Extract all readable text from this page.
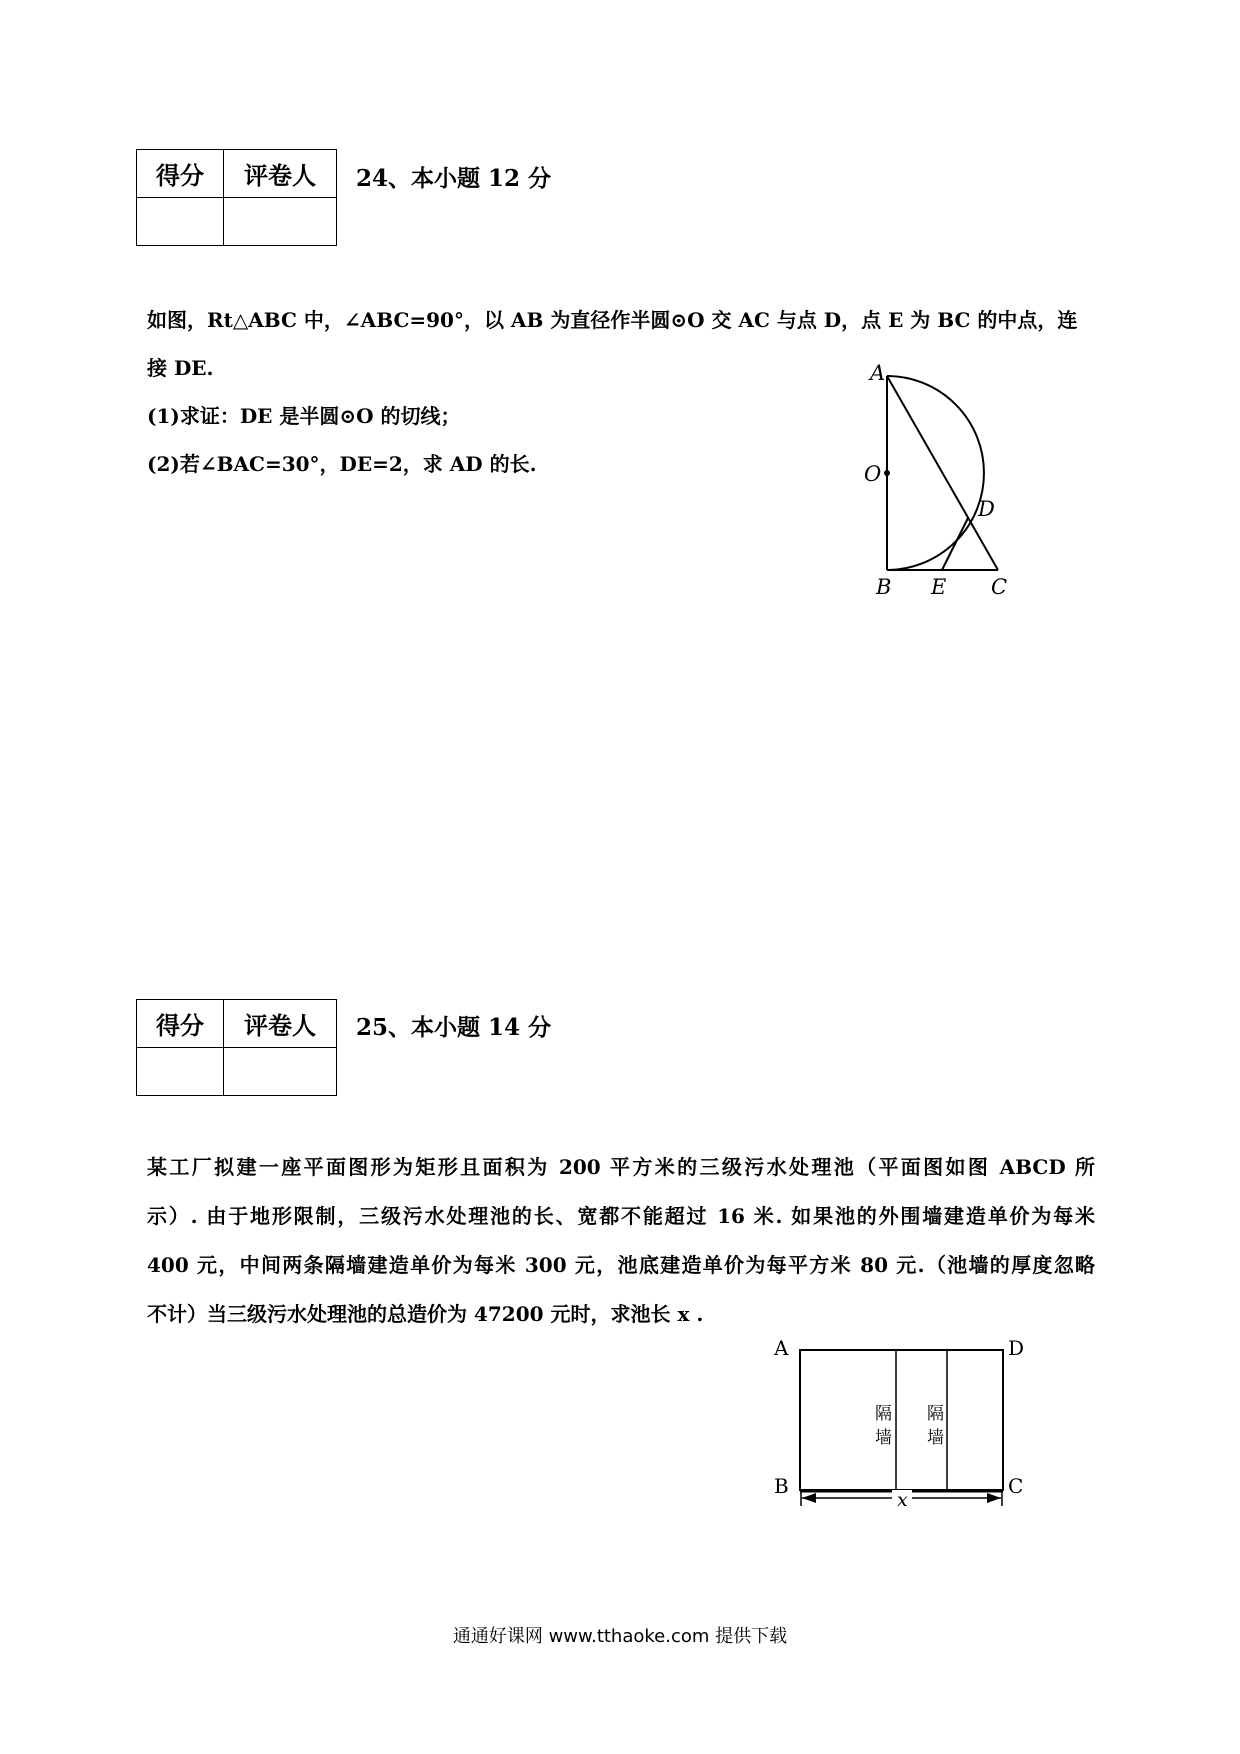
得分	评卷人
	24、本小题 12 分
如图，Rt△ABC 中，∠ABC=90°，以 AB 为直径作半圆⊙O 交 AC 与点 D，点 E 为 BC 的中点，连
接 DE.
(1)求证：DE 是半圆⊙O 的切线；
(2)若∠BAC=30°，DE=2，求 AD 的长.
A
O
D
B E C
得分	评卷人
	25、本小题 14 分
某工厂拟建一座平面图形为矩形且面积为 200 平方米的三级污水处理池（平面图如图 ABCD 所
示）. 由于地形限制，三级污水处理池的长、宽都不能超过 16 米. 如果池的外围墙建造单价为每米
400 元，中间两条隔墙建造单价为每米 300 元，池底建造单价为每平方米 80 元.（池墙的厚度忽略
不计）当三级污水处理池的总造价为 47200 元时，求池长 x .
隔
墙
隔
墙
x
A	D
B	C
通通好课网 www.tthaoke.com 提供下载
